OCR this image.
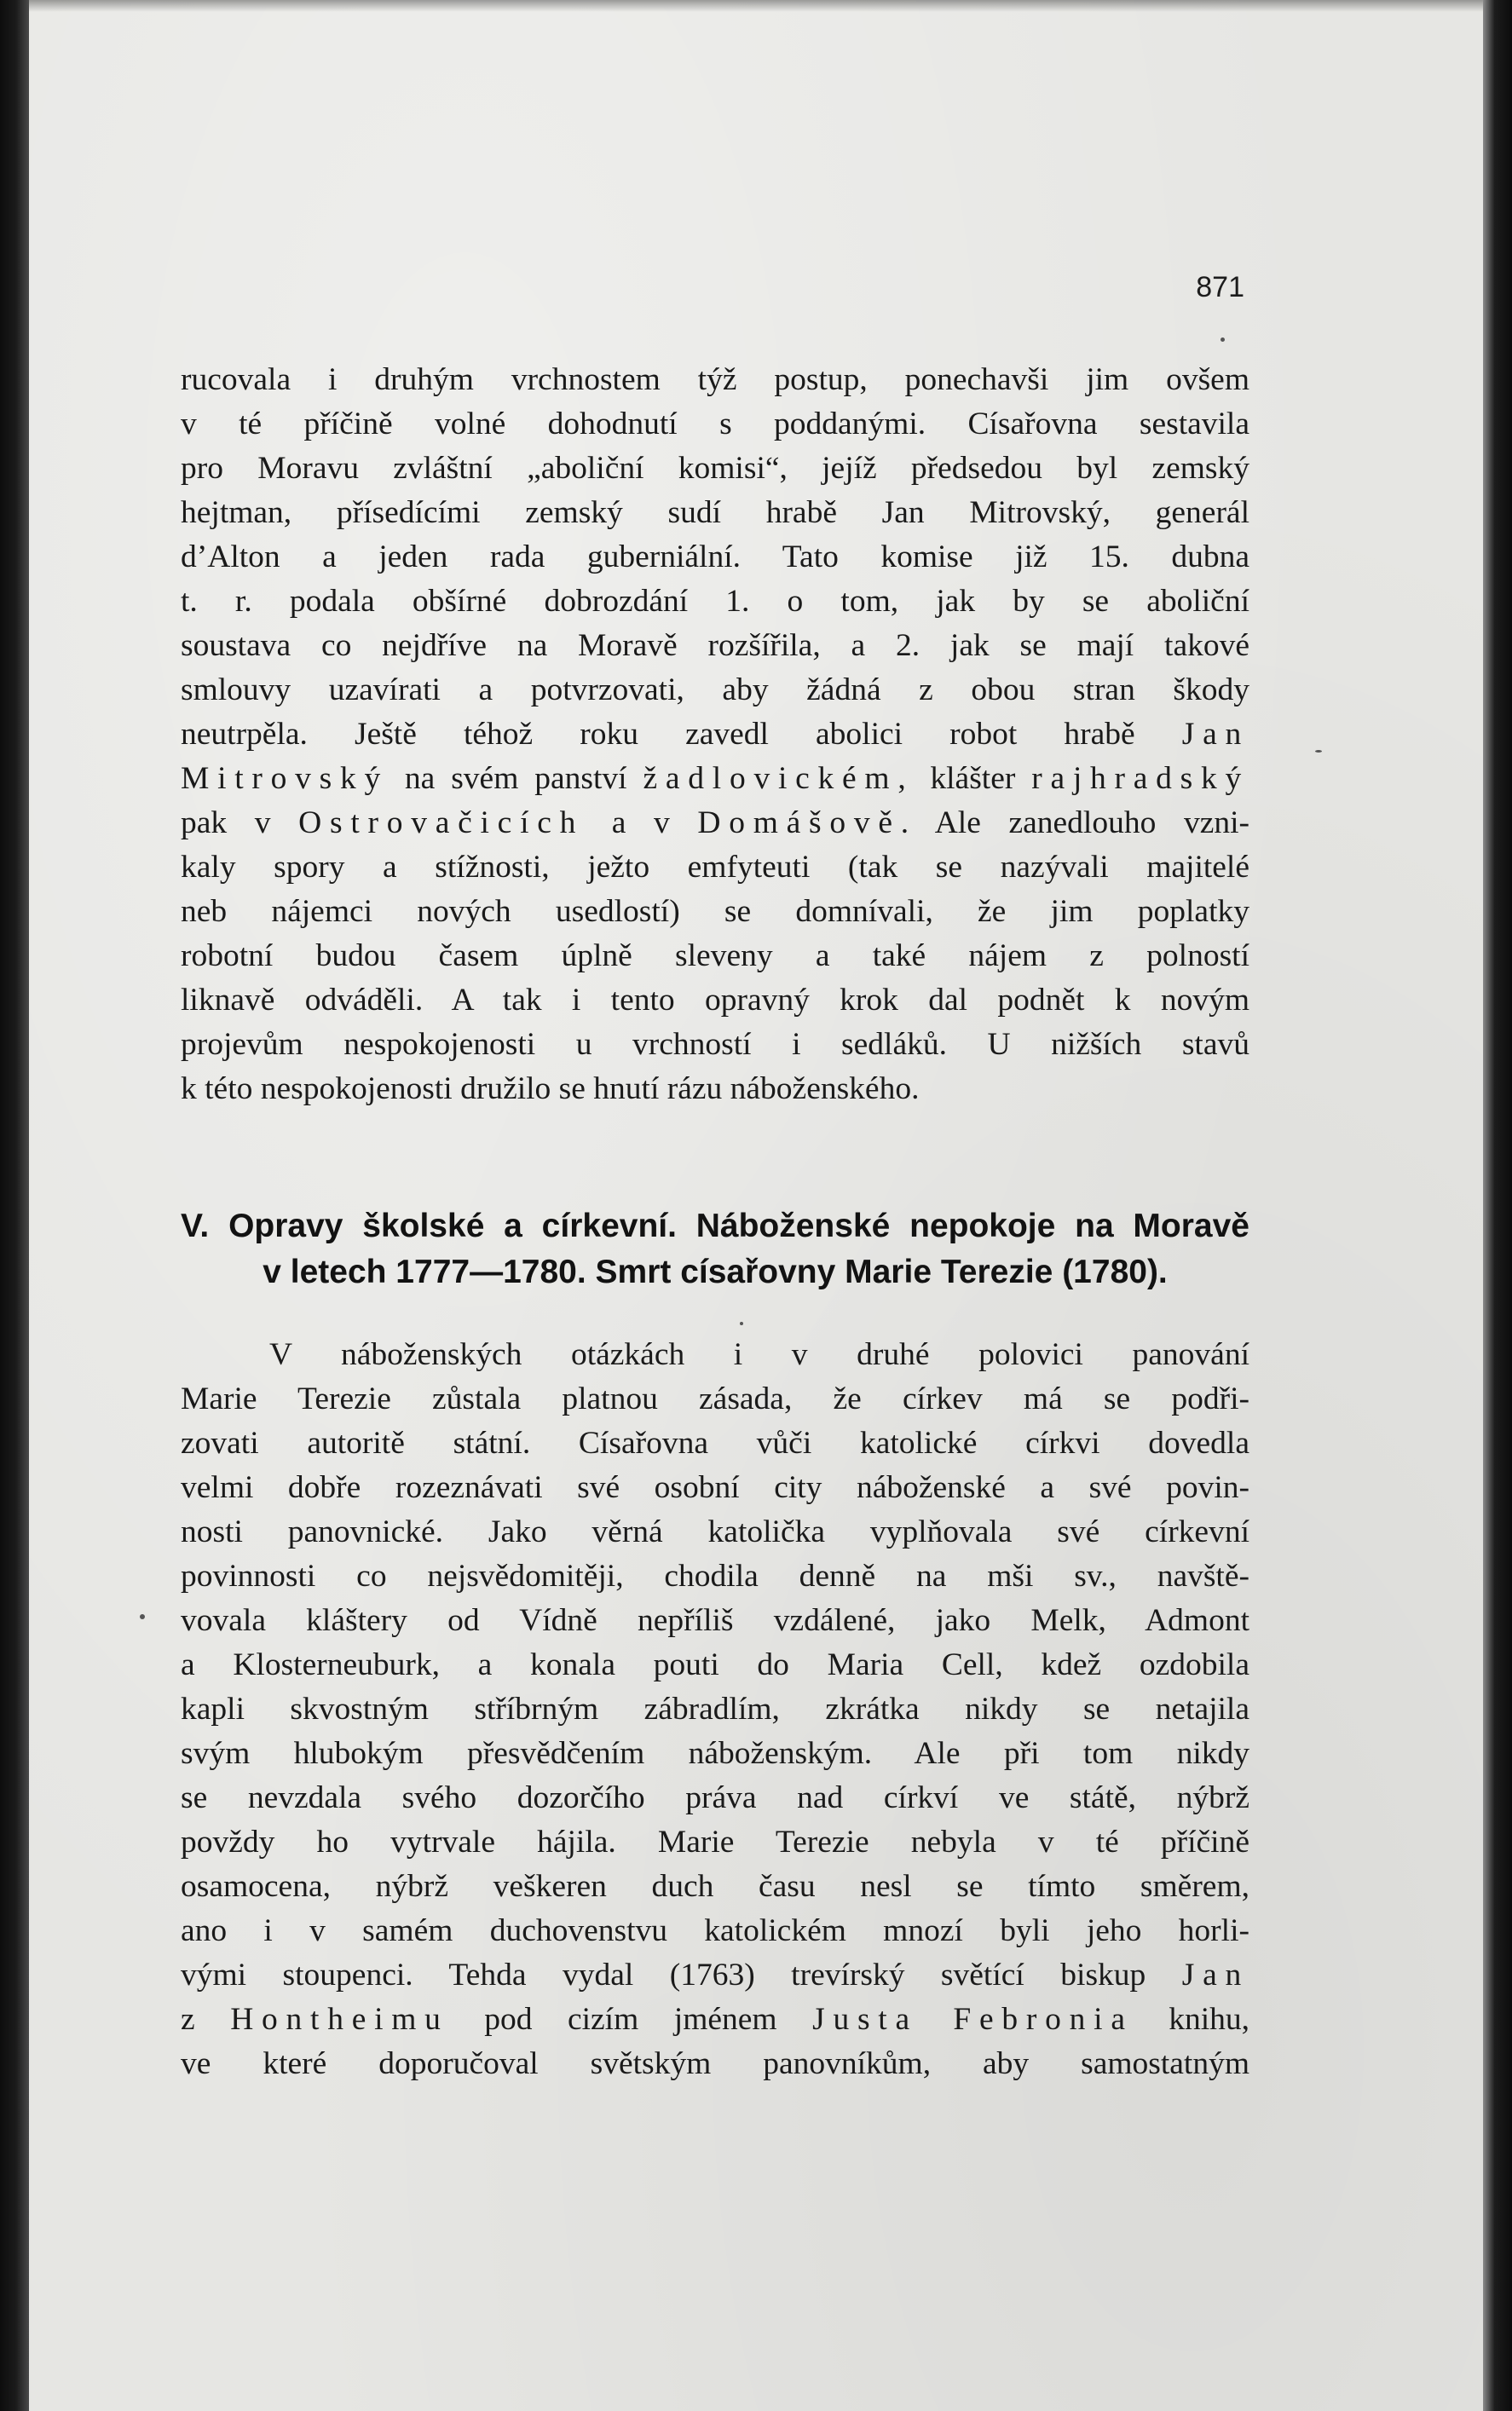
871
rucovala i druhým vrchnostem týž postup, ponechavši jim ovšem
v té příčině volné dohodnutí s poddanými. Císařovna sestavila
pro Moravu zvláštní „aboliční komisi“, jejíž předsedou byl zemský
hejtman, přísedícími zemský sudí hrabě Jan Mitrovský, generál
d’Alton a jeden rada guberniální. Tato komise již 15. dubna
t. r. podala obšírné dobrozdání 1. o tom, jak by se aboliční
soustava co nejdříve na Moravě rozšířila, a 2. jak se mají takové
smlouvy uzavírati a potvrzovati, aby žádná z obou stran škody
neutrpěla. Ještě téhož roku zavedl abolici robot hrabě Jan
Mitrovský na svém panství žadlovickém, klášter rajhradský
pak v Ostrovačicích a v Domášově. Ale zanedlouho vzni-
kaly spory a stížnosti, ježto emfyteuti (tak se nazývali majitelé
neb nájemci nových usedlostí) se domnívali, že jim poplatky
robotní budou časem úplně sleveny a také nájem z polností
liknavě odváděli. A tak i tento opravný krok dal podnět k novým
projevům nespokojenosti u vrchností i sedláků. U nižších stavů
k této nespokojenosti družilo se hnutí rázu náboženského.
V. Opravy školské a církevní. Náboženské nepokoje na Moravě
v letech 1777—1780. Smrt císařovny Marie Terezie (1780).
V náboženských otázkách i v druhé polovici panování
Marie Terezie zůstala platnou zásada, že církev má se podři-
zovati autoritě státní. Císařovna vůči katolické církvi dovedla
velmi dobře rozeznávati své osobní city náboženské a své povin-
nosti panovnické. Jako věrná katolička vyplňovala své církevní
povinnosti co nejsvědomitěji, chodila denně na mši sv., navště-
vovala kláštery od Vídně nepříliš vzdálené, jako Melk, Admont
a Klosterneuburk, a konala pouti do Maria Cell, kdež ozdobila
kapli skvostným stříbrným zábradlím, zkrátka nikdy se netajila
svým hlubokým přesvědčením náboženským. Ale při tom nikdy
se nevzdala svého dozorčího práva nad církví ve státě, nýbrž
povždy ho vytrvale hájila. Marie Terezie nebyla v té příčině
osamocena, nýbrž veškeren duch času nesl se tímto směrem,
ano i v samém duchovenstvu katolickém mnozí byli jeho horli-
vými stoupenci. Tehda vydal (1763) trevírský světící biskup Jan
z Hontheimu pod cizím jménem Justa Febronia knihu,
ve které doporučoval světským panovníkům, aby samostatným
